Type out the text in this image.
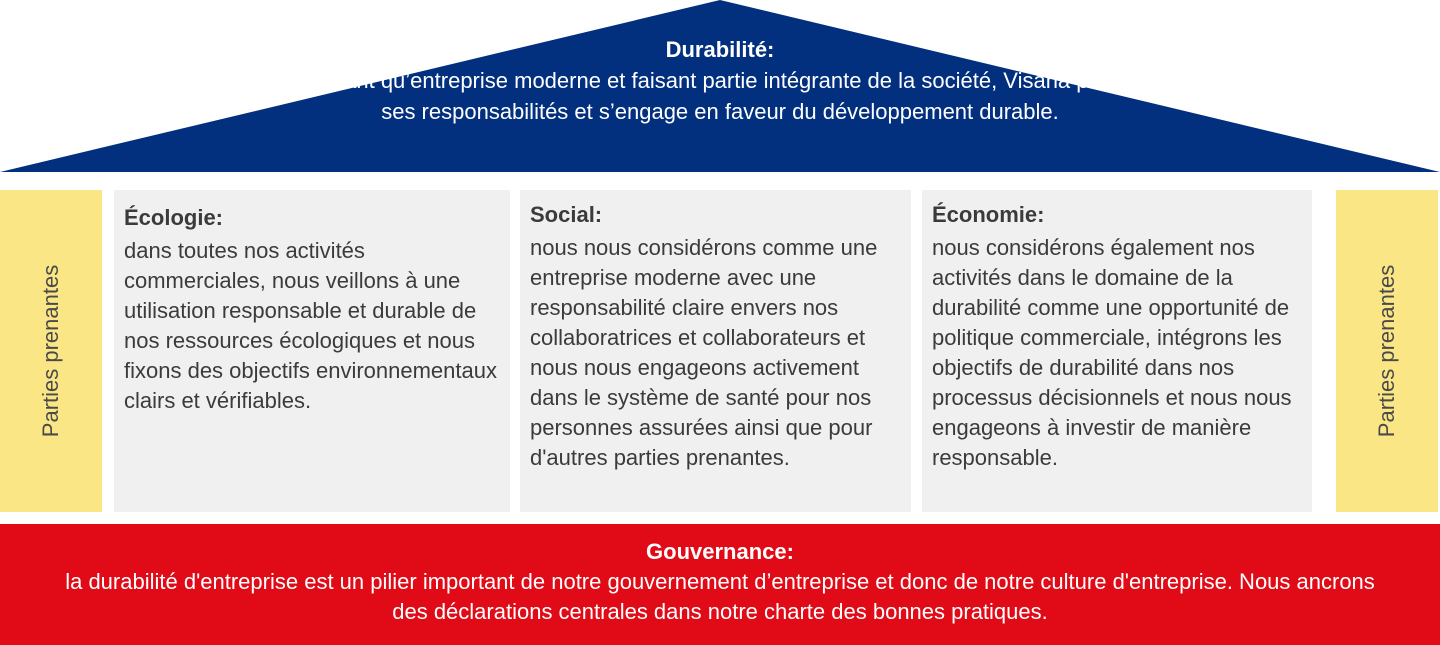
Durabilité:
en tant qu’entreprise moderne et faisant partie intégrante de la société, Visana prend ses responsabilités et s’engage en faveur du développement durable.
Parties prenantes
Écologie:
dans toutes nos activités commerciales, nous veillons à une utilisation responsable et durable de nos ressources écologiques et nous fixons des objectifs environnementaux clairs et vérifiables.
Social:
nous nous considérons comme une entreprise moderne avec une responsabilité claire envers nos collaboratrices et collaborateurs et nous nous engageons activement dans le système de santé pour nos personnes assurées ainsi que pour d'autres parties prenantes.
Économie:
nous considérons également nos activités dans le domaine de la durabilité comme une opportunité de politique commerciale, intégrons les objectifs de durabilité dans nos processus décisionnels et nous nous engageons à investir de manière responsable.
Parties prenantes
Gouvernance:
la durabilité d'entreprise est un pilier important de notre gouvernement d’entreprise et donc de notre culture d'entreprise. Nous ancrons des déclarations centrales dans notre charte des bonnes pratiques.
